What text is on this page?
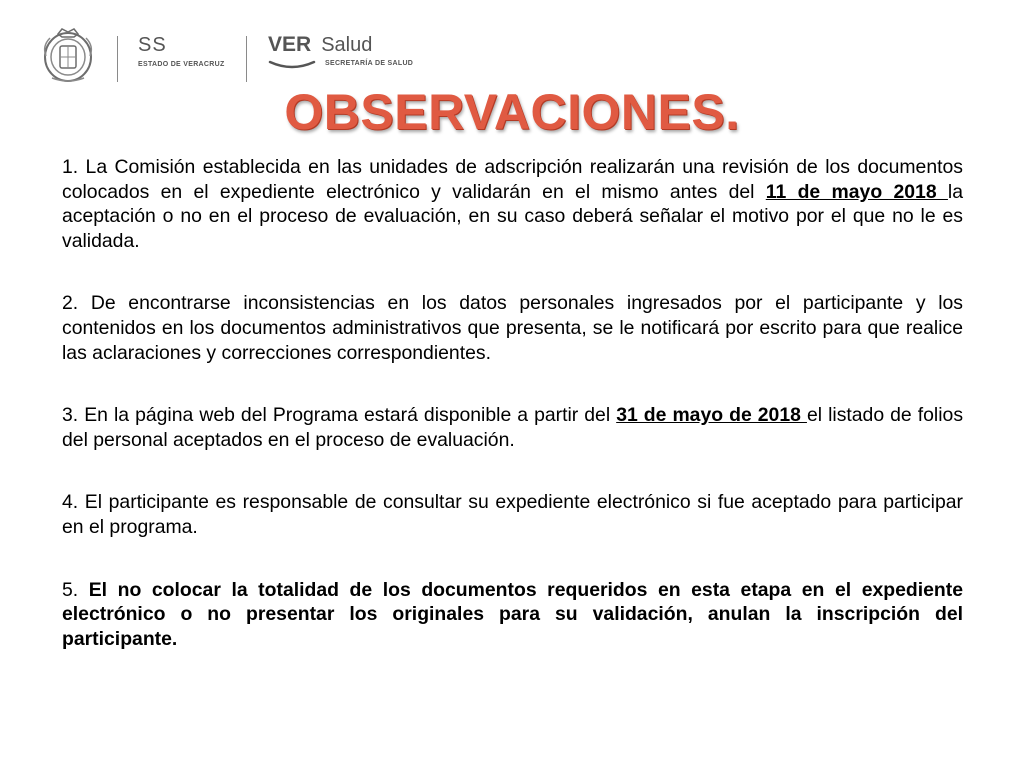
SS
ESTADO DE VERACRUZ
VER Salud
SECRETARÍA DE SALUD
OBSERVACIONES.

1. La Comisión establecida en las unidades de adscripción realizarán una revisión de los documentos colocados en el expediente electrónico y validarán en el mismo antes del 11 de mayo 2018 la aceptación o no en el proceso de evaluación, en su caso deberá señalar el motivo por el que no le es validada.

2. De encontrarse inconsistencias en los datos personales ingresados por el participante y los contenidos en los documentos administrativos que presenta, se le notificará por escrito para que realice las aclaraciones y correcciones correspondientes.

3. En la página web del Programa estará disponible a partir del 31 de mayo de 2018 el listado de folios del personal aceptados en el proceso de evaluación.

4. El participante es responsable de consultar su expediente electrónico si fue aceptado para participar en el programa.

5. El no colocar la totalidad de los documentos requeridos en esta etapa en el expediente electrónico o no presentar los originales para su validación, anulan la inscripción del participante.
